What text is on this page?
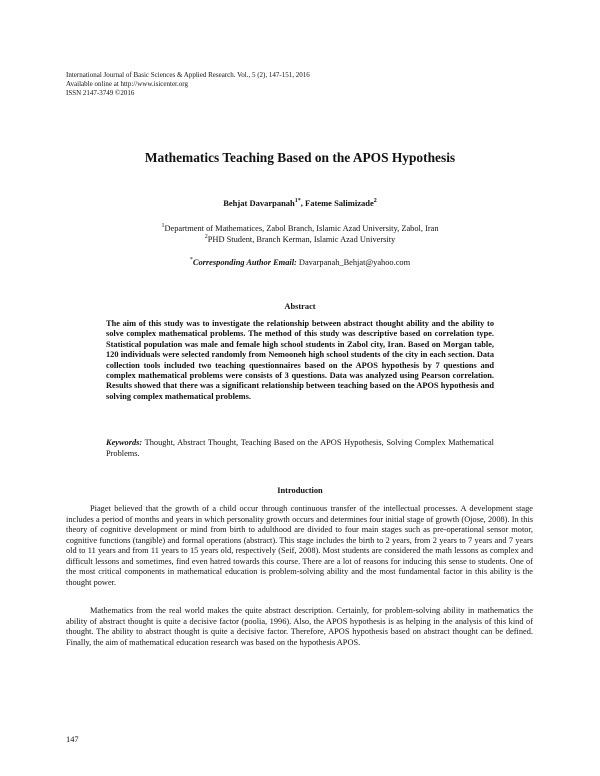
International Journal of Basic Sciences & Applied Research. Vol., 5 (2), 147-151, 2016
Available online at http://www.isicenter.org
ISSN 2147-3749 ©2016
Mathematics Teaching Based on the APOS Hypothesis
Behjat Davarpanah$^{1*}$, Fateme Salimizade$^2$
$^1$Department of Mathematices, Zabol Branch, Islamic Azad University, Zabol, Iran
$^2$PHD Student, Branch Kerman, Islamic Azad University
*Corresponding Author Email: Davarpanah_Behjat@yahoo.com
Abstract
The aim of this study was to investigate the relationship between abstract thought ability and the ability to solve complex mathematical problems. The method of this study was descriptive based on correlation type. Statistical population was male and female high school students in Zabol city, Iran. Based on Morgan table, 120 individuals were selected randomly from Nemooneh high school students of the city in each section. Data collection tools included two teaching questionnaires based on the APOS hypothesis by 7 questions and complex mathematical problems were consists of 3 questions. Data was analyzed using Pearson correlation. Results showed that there was a significant relationship between teaching based on the APOS hypothesis and solving complex mathematical problems.
Keywords: Thought, Abstract Thought, Teaching Based on the APOS Hypothesis, Solving Complex Mathematical Problems.
Introduction

Piaget believed that the growth of a child occur through continuous transfer of the intellectual processes. A development stage includes a period of months and years in which personality growth occurs and determines four initial stage of growth (Ojose, 2008). In this theory of cognitive development or mind from birth to adulthood are divided to four main stages such as pre-operational sensor motor, cognitive functions (tangible) and formal operations (abstract). This stage includes the birth to 2 years, from 2 years to 7 years and 7 years old to 11 years and from 11 years to 15 years old, respectively (Seif, 2008). Most students are considered the math lessons as complex and difficult lessons and sometimes, find even hatred towards this course. There are a lot of reasons for inducing this sense to students. One of the most critical components in mathematical education is problem-solving ability and the most fundamental factor in this ability is the thought power.

Mathematics from the real world makes the quite abstract description. Certainly, for problem-solving ability in mathematics the ability of abstract thought is quite a decisive factor (poolia, 1996). Also, the APOS hypothesis is as helping in the analysis of this kind of thought. The ability to abstract thought is quite a decisive factor. Therefore, APOS hypothesis based on abstract thought can be defined. Finally, the aim of mathematical education research was based on the hypothesis APOS.

147
